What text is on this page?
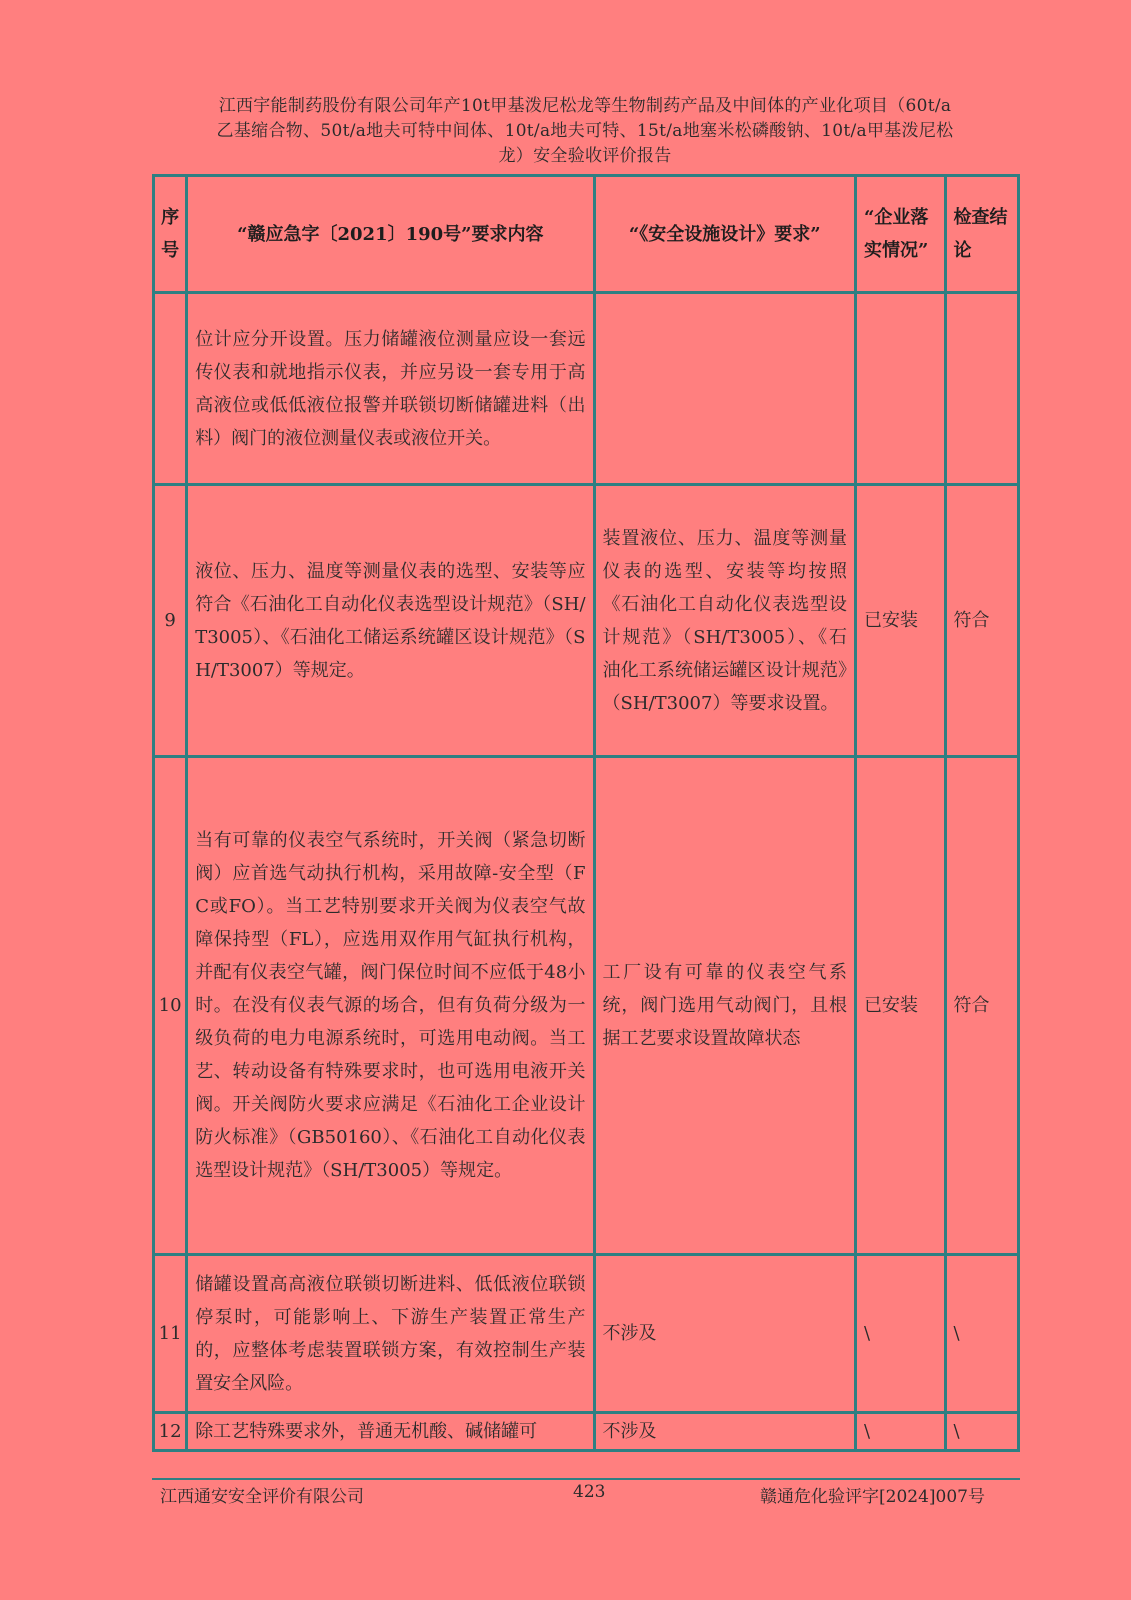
江西宇能制药股份有限公司年产10t甲基泼尼松龙等生物制药产品及中间体的产业化项目（60t/a
乙基缩合物、50t/a地夫可特中间体、10t/a地夫可特、15t/a地塞米松磷酸钠、10t/a甲基泼尼松
龙）安全验收评价报告
序号	“赣应急字〔2021〕190号”要求内容	“《安全设施设计》要求”	“企业落实情况”	检查结论
	位计应分开设置。压力储罐液位测量应设一套远传仪表和就地指示仪表，并应另设一套专用于高高液位或低低液位报警并联锁切断储罐进料（出料）阀门的液位测量仪表或液位开关。			
9	液位、压力、温度等测量仪表的选型、安装等应符合《石油化工自动化仪表选型设计规范》（SH/T3005）、《石油化工储运系统罐区设计规范》（SH/T3007）等规定。	装置液位、压力、温度等测量仪表的选型、安装等均按照《石油化工自动化仪表选型设计规范》（SH/T3005）、《石油化工系统储运罐区设计规范》（SH/T3007）等要求设置。	已安装	符合
10	当有可靠的仪表空气系统时，开关阀（紧急切断阀）应首选气动执行机构，采用故障-安全型（FC或FO）。当工艺特别要求开关阀为仪表空气故障保持型（FL），应选用双作用气缸执行机构，并配有仪表空气罐，阀门保位时间不应低于48小时。在没有仪表气源的场合，但有负荷分级为一级负荷的电力电源系统时，可选用电动阀。当工艺、转动设备有特殊要求时，也可选用电液开关阀。开关阀防火要求应满足《石油化工企业设计防火标准》（GB50160）、《石油化工自动化仪表选型设计规范》（SH/T3005）等规定。	工厂设有可靠的仪表空气系统，阀门选用气动阀门，且根据工艺要求设置故障状态	已安装	符合
11	储罐设置高高液位联锁切断进料、低低液位联锁停泵时，可能影响上、下游生产装置正常生产的，应整体考虑装置联锁方案，有效控制生产装置安全风险。	不涉及	\	\
12	除工艺特殊要求外，普通无机酸、碱储罐可	不涉及	\	\
江西通安安全评价有限公司	423	赣通危化验评字[2024]007号
